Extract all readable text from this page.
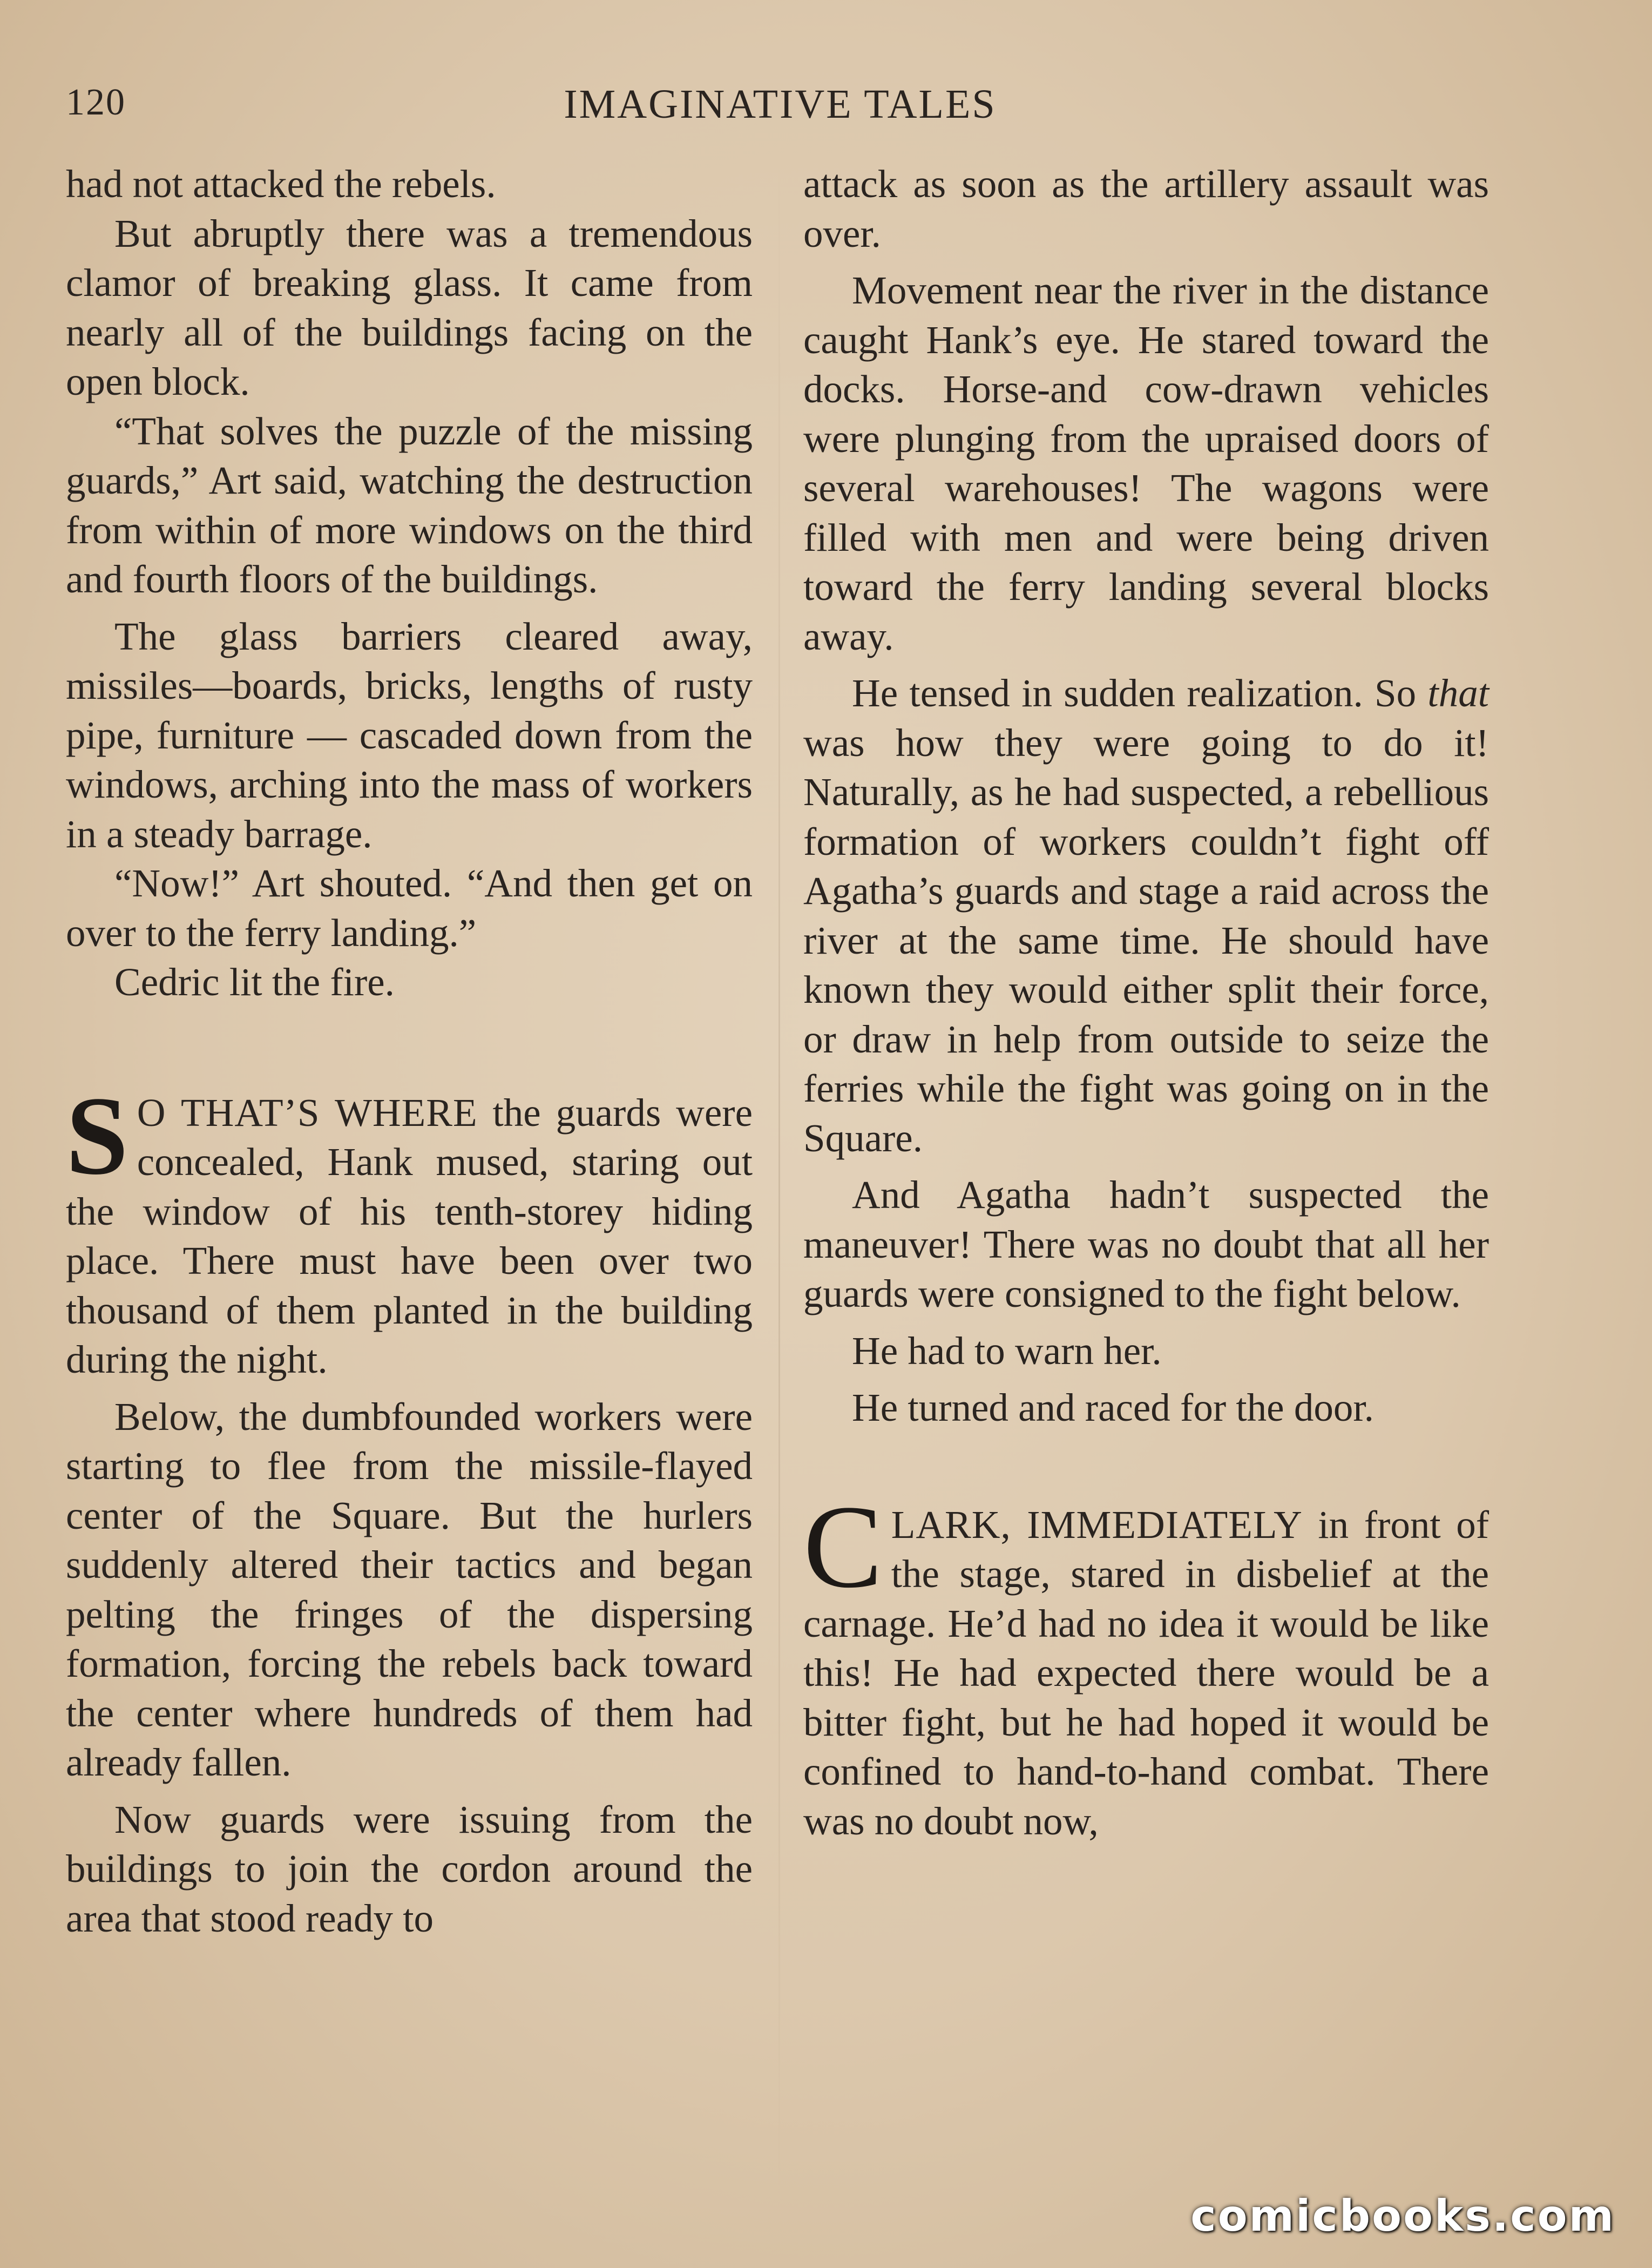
120	IMAGINATIVE TALES

had not attacked the rebels.

But abruptly there was a tremendous clamor of breaking glass. It came from nearly all of the buildings facing on the open block.

“That solves the puzzle of the missing guards,” Art said, watching the destruction from within of more windows on the third and fourth floors of the buildings.

The glass barriers cleared away, missiles—boards, bricks, lengths of rusty pipe, furniture — cascaded down from the windows, arching into the mass of workers in a steady barrage.

“Now!” Art shouted. “And then get on over to the ferry landing.”

Cedric lit the fire.

S O THAT’S WHERE the guards were concealed, Hank mused, staring out the window of his tenth-storey hiding place. There must have been over two thousand of them planted in the building during the night.

Below, the dumbfounded workers were starting to flee from the missile-flayed center of the Square. But the hurlers suddenly altered their tactics and began pelting the fringes of the dispersing formation, forcing the rebels back toward the center where hundreds of them had already fallen.

Now guards were issuing from the buildings to join the cordon around the area that stood ready to

attack as soon as the artillery assault was over.

Movement near the river in the distance caught Hank’s eye. He stared toward the docks. Horse-and cow-drawn vehicles were plunging from the upraised doors of several warehouses! The wagons were filled with men and were being driven toward the ferry landing several blocks away.

He tensed in sudden realization. So that was how they were going to do it! Naturally, as he had suspected, a rebellious formation of workers couldn’t fight off Agatha’s guards and stage a raid across the river at the same time. He should have known they would either split their force, or draw in help from outside to seize the ferries while the fight was going on in the Square.

And Agatha hadn’t suspected the maneuver! There was no doubt that all her guards were consigned to the fight below.

He had to warn her.

He turned and raced for the door.

CLARK, IMMEDIATELY in front of the stage, stared in disbelief at the carnage. He’d had no idea it would be like this! He had expected there would be a bitter fight, but he had hoped it would be confined to hand-to-hand combat. There was no doubt now,

comicbooks.com
